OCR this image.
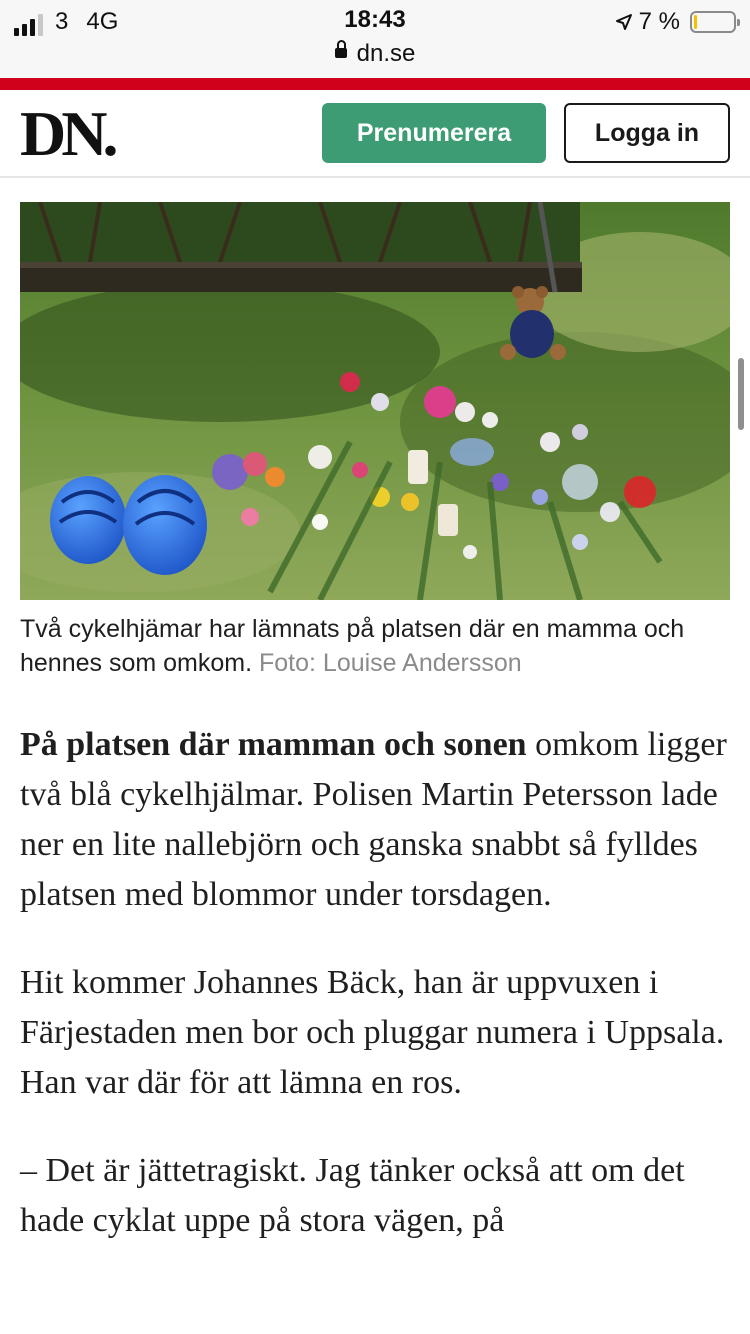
3 4G	18:43	7 %
dn.se
DN.	Prenumerera	Logga in
Två cykelhjämar har lämnats på platsen där en mamma och hennes som omkom. Foto: Louise Andersson

På platsen där mamman och sonen omkom ligger två blå cykelhjälmar. Polisen Martin Petersson lade ner en lite nallebjörn och ganska snabbt så fylldes platsen med blommor under torsdagen.

Hit kommer Johannes Bäck, han är uppvuxen i Färjestaden men bor och pluggar numera i Uppsala. Han var där för att lämna en ros.

– Det är jättetragiskt. Jag tänker också att om det hade cyklat uppe på stora vägen, på
